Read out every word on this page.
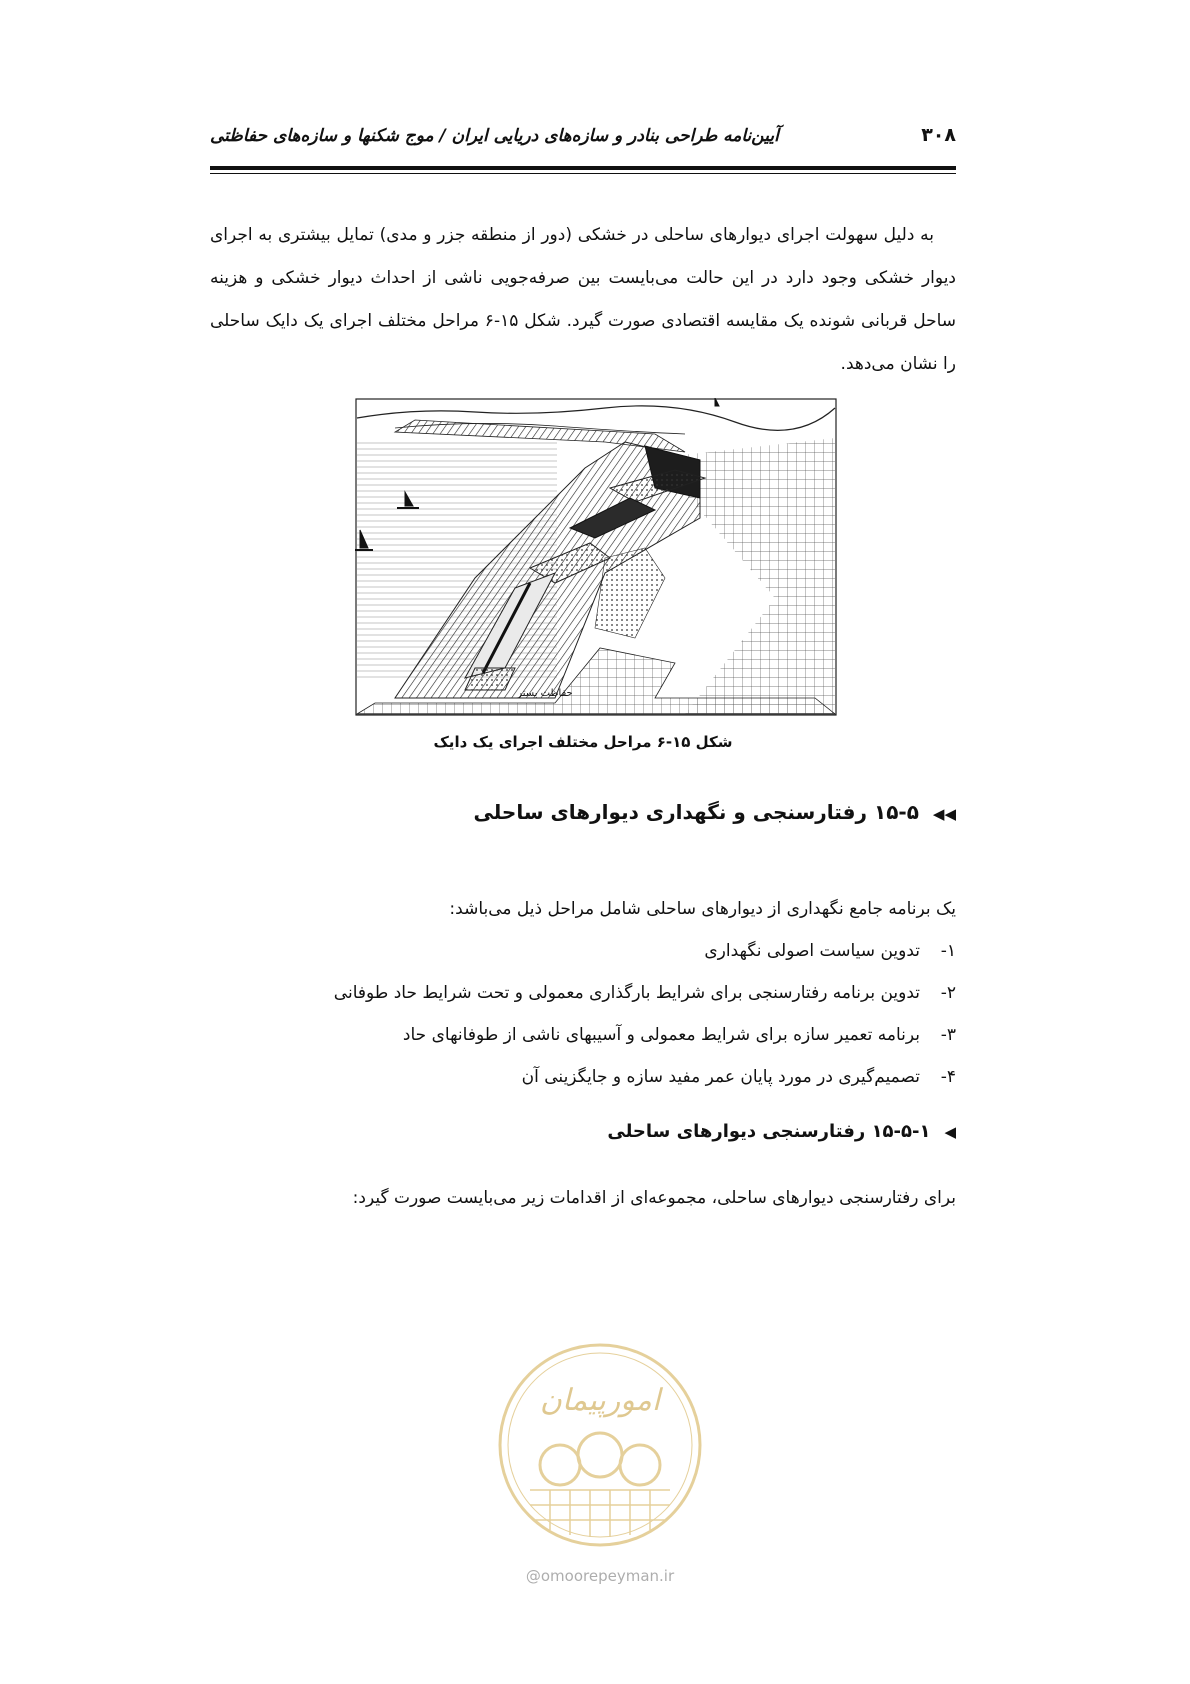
آیین‌نامه طراحی بنادر و سازه‌های دریایی ایران / موج شکنها و سازه‌های حفاظتی	۳۰۸

به دلیل سهولت اجرای دیوارهای ساحلی در خشکی (دور از منطقه جزر و مدی) تمایل بیشتری به اجرای دیوار خشکی وجود دارد در این حالت می‌بایست بین صرفه‌جویی ناشی از احداث دیوار خشکی و هزینه ساحل قربانی شونده یک مقایسه اقتصادی صورت گیرد. شکل ۱۵-۶ مراحل مختلف اجرای یک دایک ساحلی را نشان می‌دهد.

حفاظت بستر
شکل ۱۵-۶ مراحل مختلف اجرای یک دایک
◀◀۱۵-۵ رفتارسنجی و نگهداری دیوارهای ساحلی
یک برنامه جامع نگهداری از دیوارهای ساحلی شامل مراحل ذیل می‌باشد:
۱-تدوین سیاست اصولی نگهداری
۲-تدوین برنامه رفتارسنجی برای شرایط بارگذاری معمولی و تحت شرایط حاد طوفانی
۳-برنامه تعمیر سازه برای شرایط معمولی و آسیبهای ناشی از طوفانهای حاد
۴-تصمیم‌گیری در مورد پایان عمر مفید سازه و جایگزینی آن
◀۱۵-۵-۱ رفتارسنجی دیوارهای ساحلی

برای رفتارسنجی دیوارهای ساحلی، مجموعه‌ای از اقدامات زیر می‌بایست صورت گیرد:

امورپیمان
@omoorepeyman.ir
